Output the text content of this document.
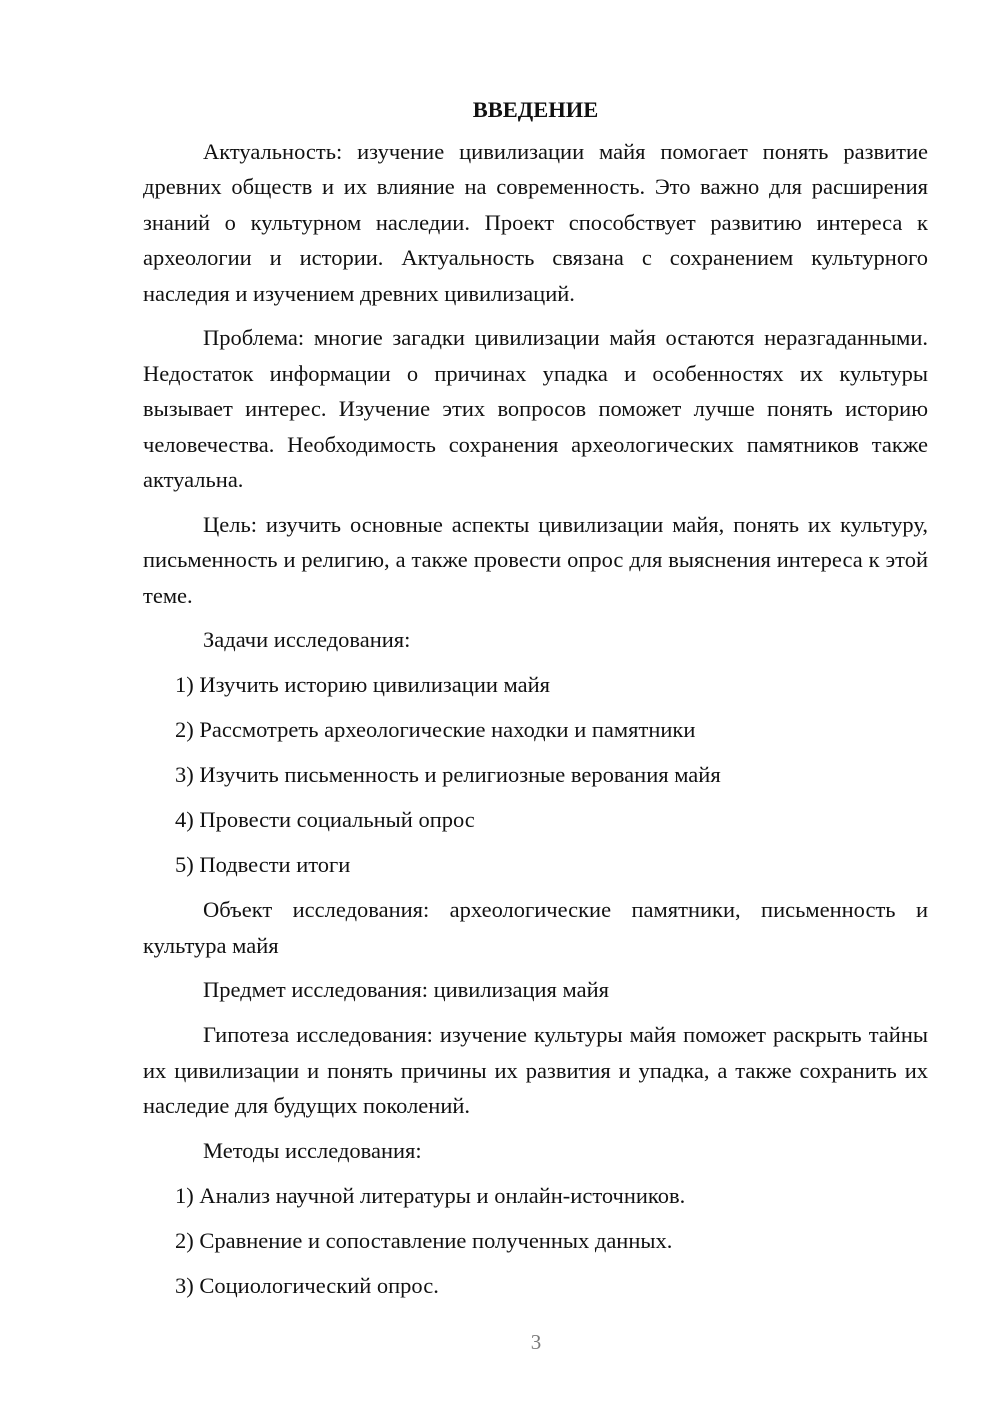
ВВЕДЕНИЕ

Актуальность: изучение цивилизации майя помогает понять развитие древних обществ и их влияние на современность. Это важно для расширения знаний о культурном наследии. Проект способствует развитию интереса к археологии и истории. Актуальность связана с сохранением культурного наследия и изучением древних цивилизаций.

Проблема: многие загадки цивилизации майя остаются неразгаданными. Недостаток информации о причинах упадка и особенностях их культуры вызывает интерес. Изучение этих вопросов поможет лучше понять историю человечества. Необходимость сохранения археологических памятников также актуальна.

Цель: изучить основные аспекты цивилизации майя, понять их культуру, письменность и религию, а также провести опрос для выяснения интереса к этой теме.

Задачи исследования:

1) Изучить историю цивилизации майя
2) Рассмотреть археологические находки и памятники
3) Изучить письменность и религиозные верования майя
4) Провести социальный опрос
5) Подвести итоги

Объект исследования: археологические памятники, письменность и культура майя

Предмет исследования: цивилизация майя

Гипотеза исследования: изучение культуры майя поможет раскрыть тайны их цивилизации и понять причины их развития и упадка, а также сохранить их наследие для будущих поколений.

Методы исследования:

1) Анализ научной литературы и онлайн-источников.
2) Сравнение и сопоставление полученных данных.
3) Социологический опрос.
3
